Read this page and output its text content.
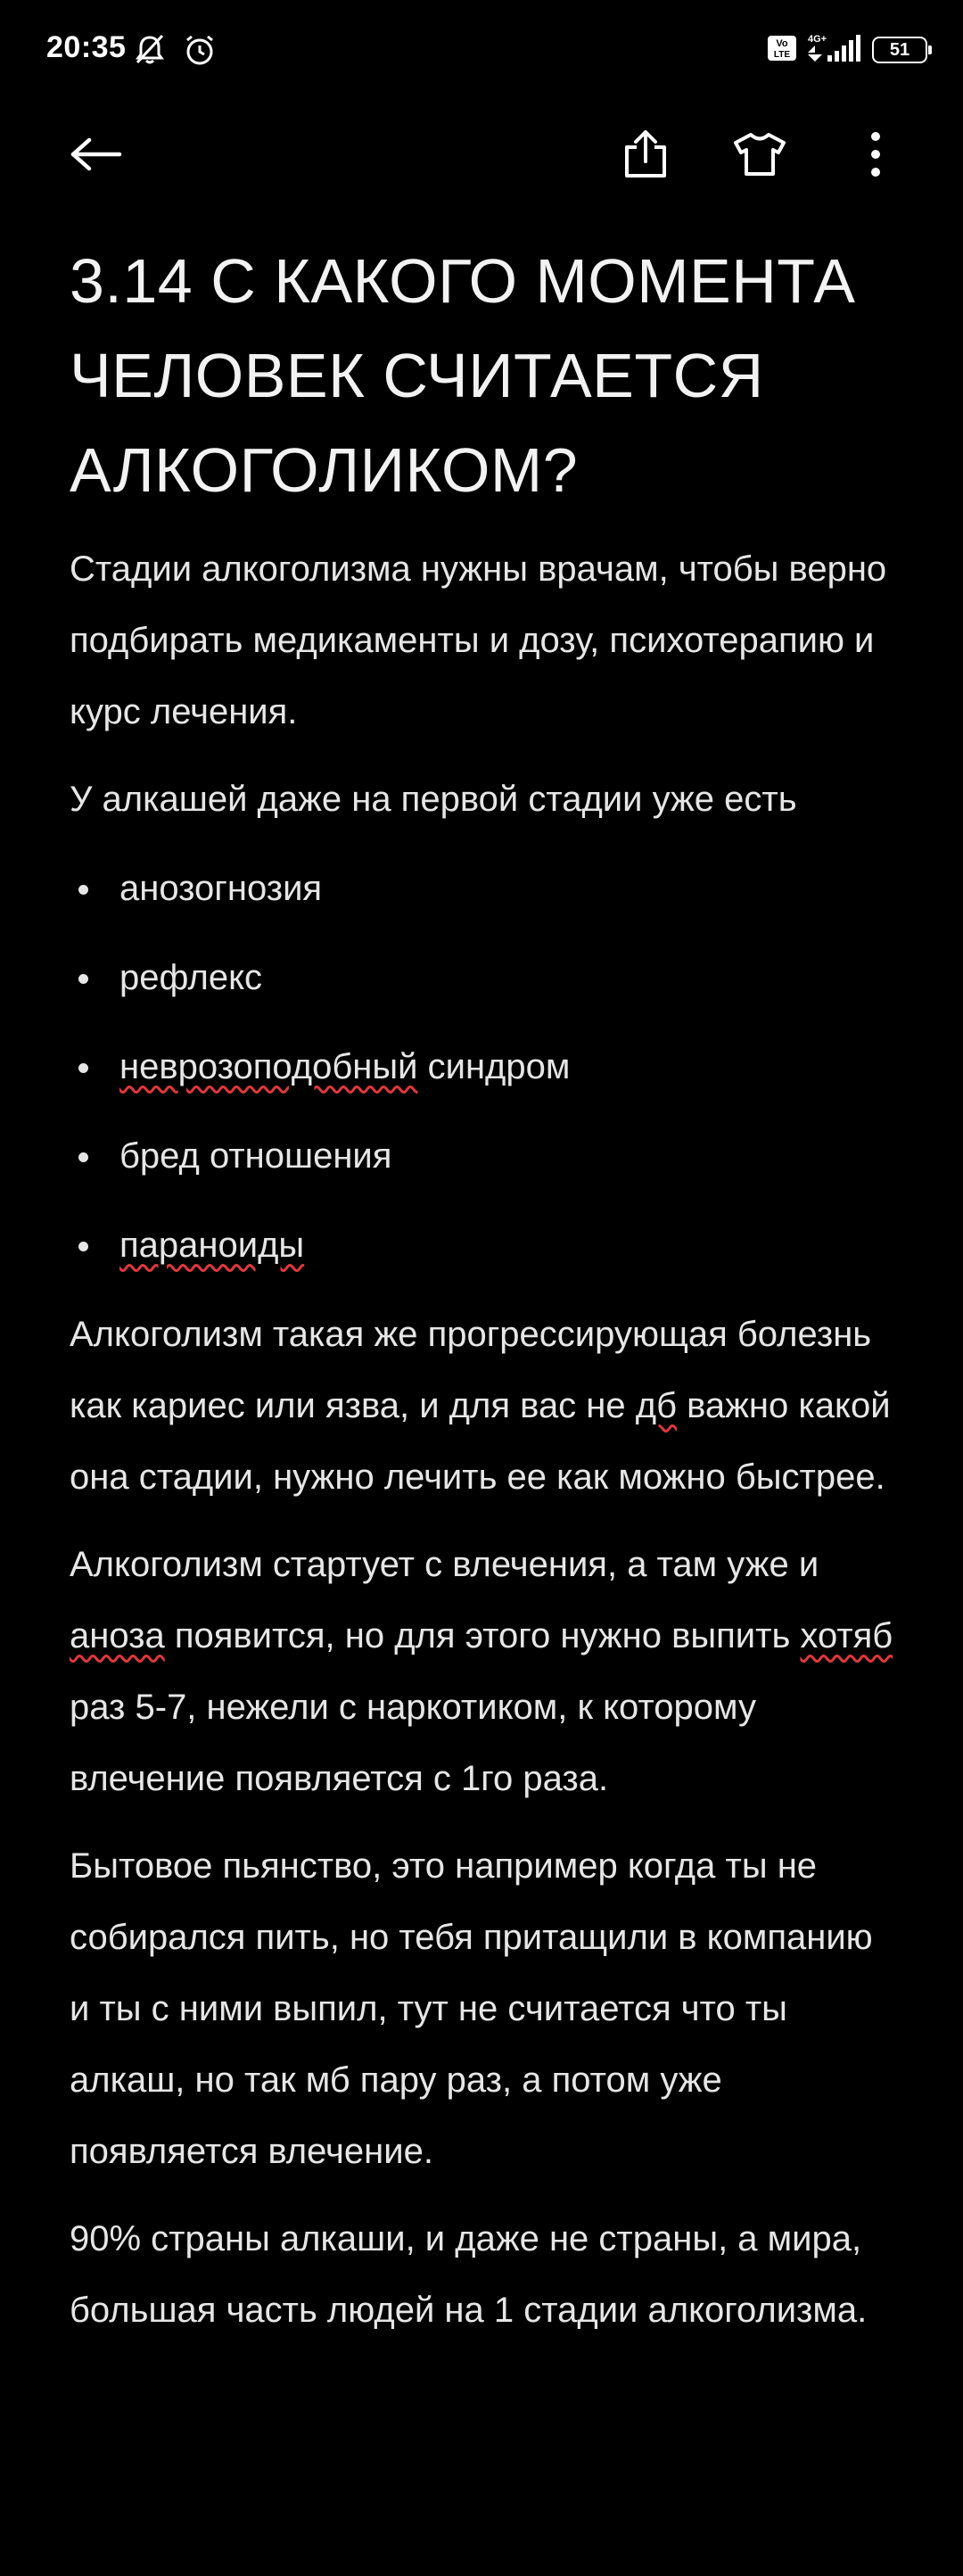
20:35	Vo
LTE
4G+
51
3.14 С КАКОГО МОМЕНТА ЧЕЛОВЕК СЧИТАЕТСЯ АЛКОГОЛИКОМ?

Стадии алкоголизма нужны врачам, чтобы верно подбирать медикаменты и дозу, психотерапию и курс лечения.

У алкашей даже на первой стадии уже есть

анозогнозия
рефлекс
неврозоподобный синдром
бред отношения
параноиды

Алкоголизм такая же прогрессирующая болезнь как кариес или язва, и для вас не дб важно какой она стадии, нужно лечить ее как можно быстрее.

Алкоголизм стартует с влечения, а там уже и аноза появится, но для этого нужно выпить хотяб раз 5-7, нежели с наркотиком, к которому влечение появляется с 1го раза.

Бытовое пьянство, это например когда ты не собирался пить, но тебя притащили в компанию и ты с ними выпил, тут не считается что ты алкаш, но так мб пару раз, а потом уже появляется влечение.

90% страны алкаши, и даже не страны, а мира, большая часть людей на 1 стадии алкоголизма.
